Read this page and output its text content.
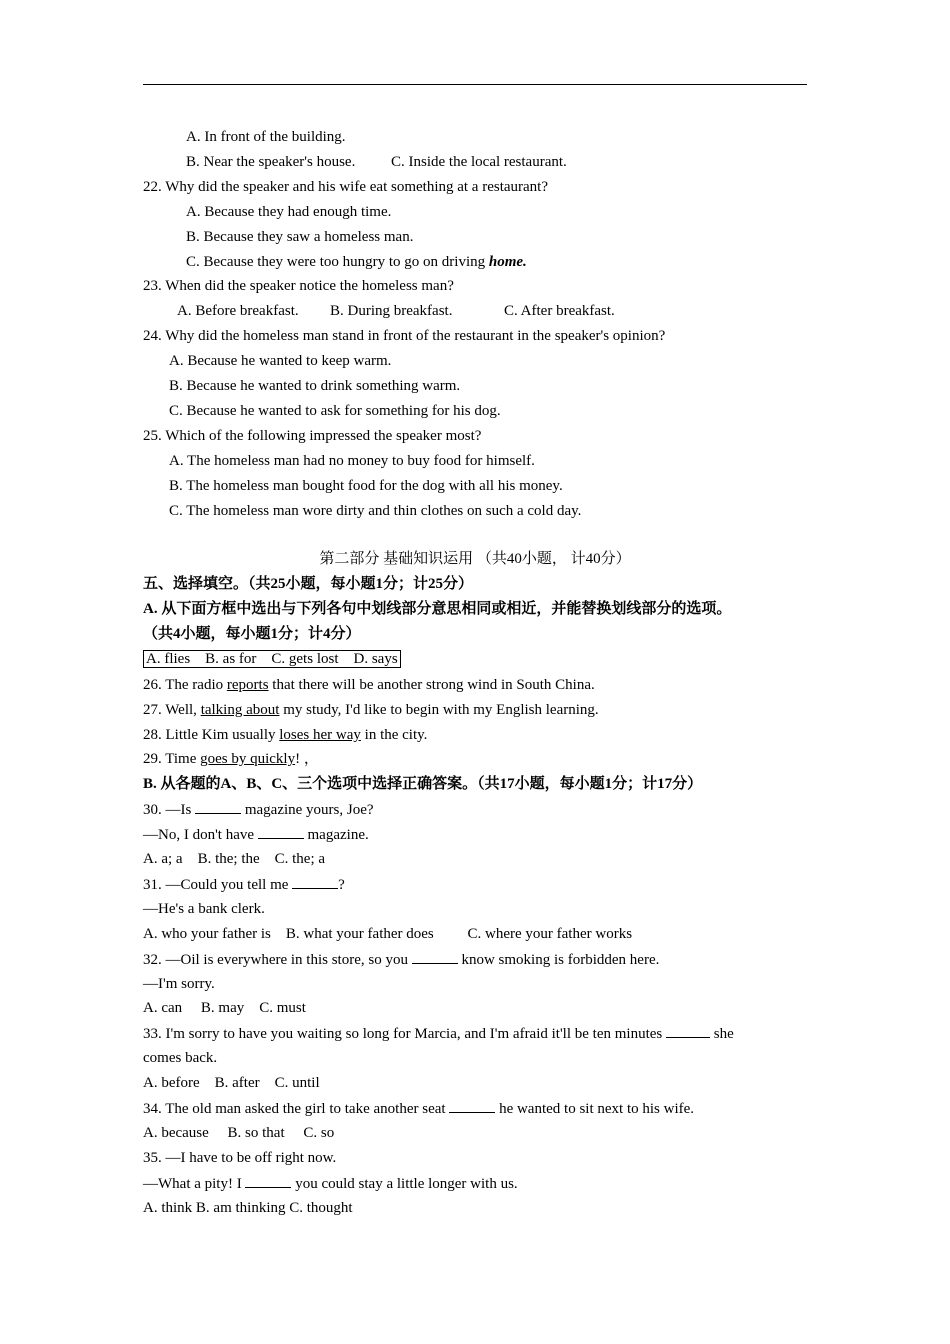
A. In front of the building.
B. Near the speaker's house. C. Inside the local restaurant.
22. Why did the speaker and his wife eat something at a restaurant?
A. Because they had enough time.
B. Because they saw a homeless man.
C. Because they were too hungry to go on driving home.
23. When did the speaker notice the homeless man?
A. Before breakfast. B. During breakfast.	C. After breakfast.
24. Why did the homeless man stand in front of the restaurant in the speaker's opinion?
A. Because he wanted to keep warm.
B. Because he wanted to drink something warm.
C. Because he wanted to ask for something for his dog.
25. Which of the following impressed the speaker most?
A. The homeless man had no money to buy food for himself.
B. The homeless man bought food for the dog with all his money.
C. The homeless man wore dirty and thin clothes on such a cold day.
第二部分 基础知识运用 （共40小题， 计40分）
五、选择填空。（共25小题，每小题1分；计25分）
A. 从下面方框中选出与下列各句中划线部分意思相同或相近，并能替换划线部分的选项。
（共4小题，每小题1分；计4分）
A. flies    B. as for    C. gets lost    D. says
26. The radio reports that there will be another strong wind in South China.
27. Well, talking about my study, I'd like to begin with my English learning.
28. Little Kim usually loses her way in the city.
29. Time goes by quickly! ，
B. 从各题的A、B、C、三个选项中选择正确答案。（共17小题，每小题1分；计17分）
30. —Is	magazine yours, Joe?
—No, I don't have	magazine.
A. a; a    B. the; the    C. the; a
31. —Could you tell me	?
—He's a bank clerk.
A. who your father is    B. what your father does         C. where your father works
32. —Oil is everywhere in this store, so you	know smoking is forbidden here.
—I'm sorry.
A. can     B. may    C. must
33. I'm sorry to have you waiting so long for Marcia, and I'm afraid it'll be ten minutes	she
comes back.
A. before    B. after    C. until
34. The old man asked the girl to take another seat	he wanted to sit next to his wife.
A. because     B. so that     C. so
35. —I have to be off right now.
—What a pity! I	you could stay a little longer with us.
A. think B. am thinking C. thought
